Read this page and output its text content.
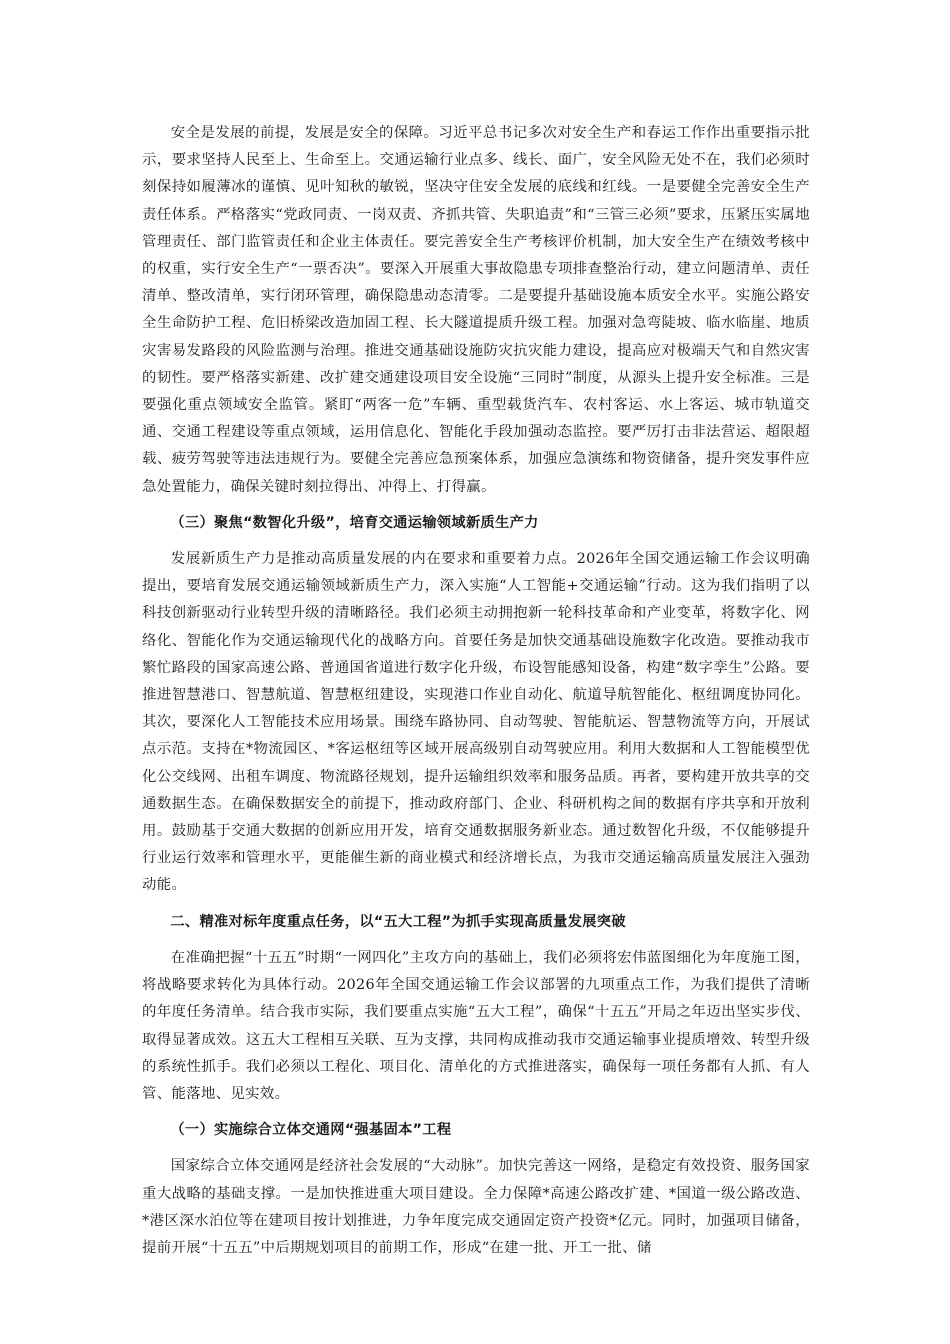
安全是发展的前提，发展是安全的保障。习近平总书记多次对安全生产和春运工作作出重要指示批示，要求坚持人民至上、生命至上。交通运输行业点多、线长、面广，安全风险无处不在，我们必须时刻保持如履薄冰的谨慎、见叶知秋的敏锐，坚决守住安全发展的底线和红线。一是要健全完善安全生产责任体系。严格落实“党政同责、一岗双责、齐抓共管、失职追责”和“三管三必须”要求，压紧压实属地管理责任、部门监管责任和企业主体责任。要完善安全生产考核评价机制，加大安全生产在绩效考核中的权重，实行安全生产“一票否决”。要深入开展重大事故隐患专项排查整治行动，建立问题清单、责任清单、整改清单，实行闭环管理，确保隐患动态清零。二是要提升基础设施本质安全水平。实施公路安全生命防护工程、危旧桥梁改造加固工程、长大隧道提质升级工程。加强对急弯陡坡、临水临崖、地质灾害易发路段的风险监测与治理。推进交通基础设施防灾抗灾能力建设，提高应对极端天气和自然灾害的韧性。要严格落实新建、改扩建交通建设项目安全设施“三同时”制度，从源头上提升安全标准。三是要强化重点领域安全监管。紧盯“两客一危”车辆、重型载货汽车、农村客运、水上客运、城市轨道交通、交通工程建设等重点领域，运用信息化、智能化手段加强动态监控。要严厉打击非法营运、超限超载、疲劳驾驶等违法违规行为。要健全完善应急预案体系，加强应急演练和物资储备，提升突发事件应急处置能力，确保关键时刻拉得出、冲得上、打得赢。

（三）聚焦“数智化升级”，培育交通运输领域新质生产力

发展新质生产力是推动高质量发展的内在要求和重要着力点。2026年全国交通运输工作会议明确提出，要培育发展交通运输领域新质生产力，深入实施“人工智能+交通运输”行动。这为我们指明了以科技创新驱动行业转型升级的清晰路径。我们必须主动拥抱新一轮科技革命和产业变革，将数字化、网络化、智能化作为交通运输现代化的战略方向。首要任务是加快交通基础设施数字化改造。要推动我市繁忙路段的国家高速公路、普通国省道进行数字化升级，布设智能感知设备，构建“数字孪生”公路。要推进智慧港口、智慧航道、智慧枢纽建设，实现港口作业自动化、航道导航智能化、枢纽调度协同化。其次，要深化人工智能技术应用场景。围绕车路协同、自动驾驶、智能航运、智慧物流等方向，开展试点示范。支持在*物流园区、*客运枢纽等区域开展高级别自动驾驶应用。利用大数据和人工智能模型优化公交线网、出租车调度、物流路径规划，提升运输组织效率和服务品质。再者，要构建开放共享的交通数据生态。在确保数据安全的前提下，推动政府部门、企业、科研机构之间的数据有序共享和开放利用。鼓励基于交通大数据的创新应用开发，培育交通数据服务新业态。通过数智化升级，不仅能够提升行业运行效率和管理水平，更能催生新的商业模式和经济增长点，为我市交通运输高质量发展注入强劲动能。

二、精准对标年度重点任务，以“五大工程”为抓手实现高质量发展突破

在准确把握“十五五”时期“一网四化”主攻方向的基础上，我们必须将宏伟蓝图细化为年度施工图，将战略要求转化为具体行动。2026年全国交通运输工作会议部署的九项重点工作，为我们提供了清晰的年度任务清单。结合我市实际，我们要重点实施“五大工程”，确保“十五五”开局之年迈出坚实步伐、取得显著成效。这五大工程相互关联、互为支撑，共同构成推动我市交通运输事业提质增效、转型升级的系统性抓手。我们必须以工程化、项目化、清单化的方式推进落实，确保每一项任务都有人抓、有人管、能落地、见实效。

（一）实施综合立体交通网“强基固本”工程

国家综合立体交通网是经济社会发展的“大动脉”。加快完善这一网络，是稳定有效投资、服务国家重大战略的基础支撑。一是加快推进重大项目建设。全力保障*高速公路改扩建、*国道一级公路改造、*港区深水泊位等在建项目按计划推进，力争年度完成交通固定资产投资*亿元。同时，加强项目储备，提前开展“十五五”中后期规划项目的前期工作，形成“在建一批、开工一批、储
